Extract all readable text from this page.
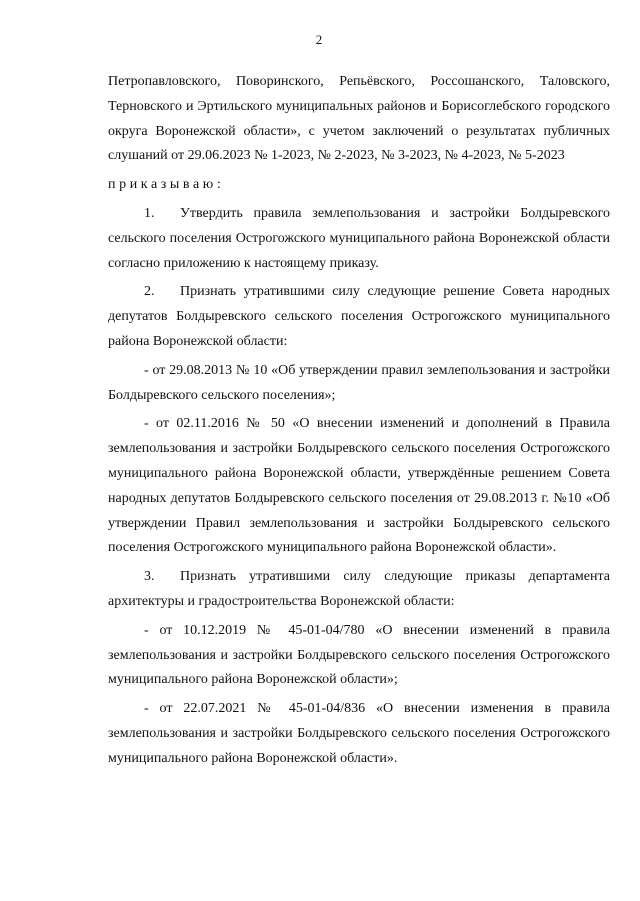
2

Петропавловского, Поворинского, Репьёвского, Россошанского, Таловского, Терновского и Эртильского муниципальных районов и Борисоглебского городского округа Воронежской области», с учетом заключений о результатах публичных слушаний от 29.06.2023 № 1-2023, № 2-2023, № 3-2023, № 4-2023, № 5-2023

приказываю:

1. Утвердить правила землепользования и застройки Болдыревского сельского поселения Острогожского муниципального района Воронежской области согласно приложению к настоящему приказу.

2. Признать утратившими силу следующие решение Совета народных депутатов Болдыревского сельского поселения Острогожского муниципального района Воронежской области:

- от 29.08.2013 № 10 «Об утверждении правил землепользования и застройки Болдыревского сельского поселения»;

- от 02.11.2016 № 50 «О внесении изменений и дополнений в Правила землепользования и застройки Болдыревского сельского поселения Острогожского муниципального района Воронежской области, утверждённые решением Совета народных депутатов Болдыревского сельского поселения от 29.08.2013 г. №10 «Об утверждении Правил землепользования и застройки Болдыревского сельского поселения Острогожского муниципального района Воронежской области».

3. Признать утратившими силу следующие приказы департамента архитектуры и градостроительства Воронежской области:

- от 10.12.2019 № 45-01-04/780 «О внесении изменений в правила землепользования и застройки Болдыревского сельского поселения Острогожского муниципального района Воронежской области»;

- от 22.07.2021 № 45-01-04/836 «О внесении изменения в правила землепользования и застройки Болдыревского сельского поселения Острогожского муниципального района Воронежской области».
